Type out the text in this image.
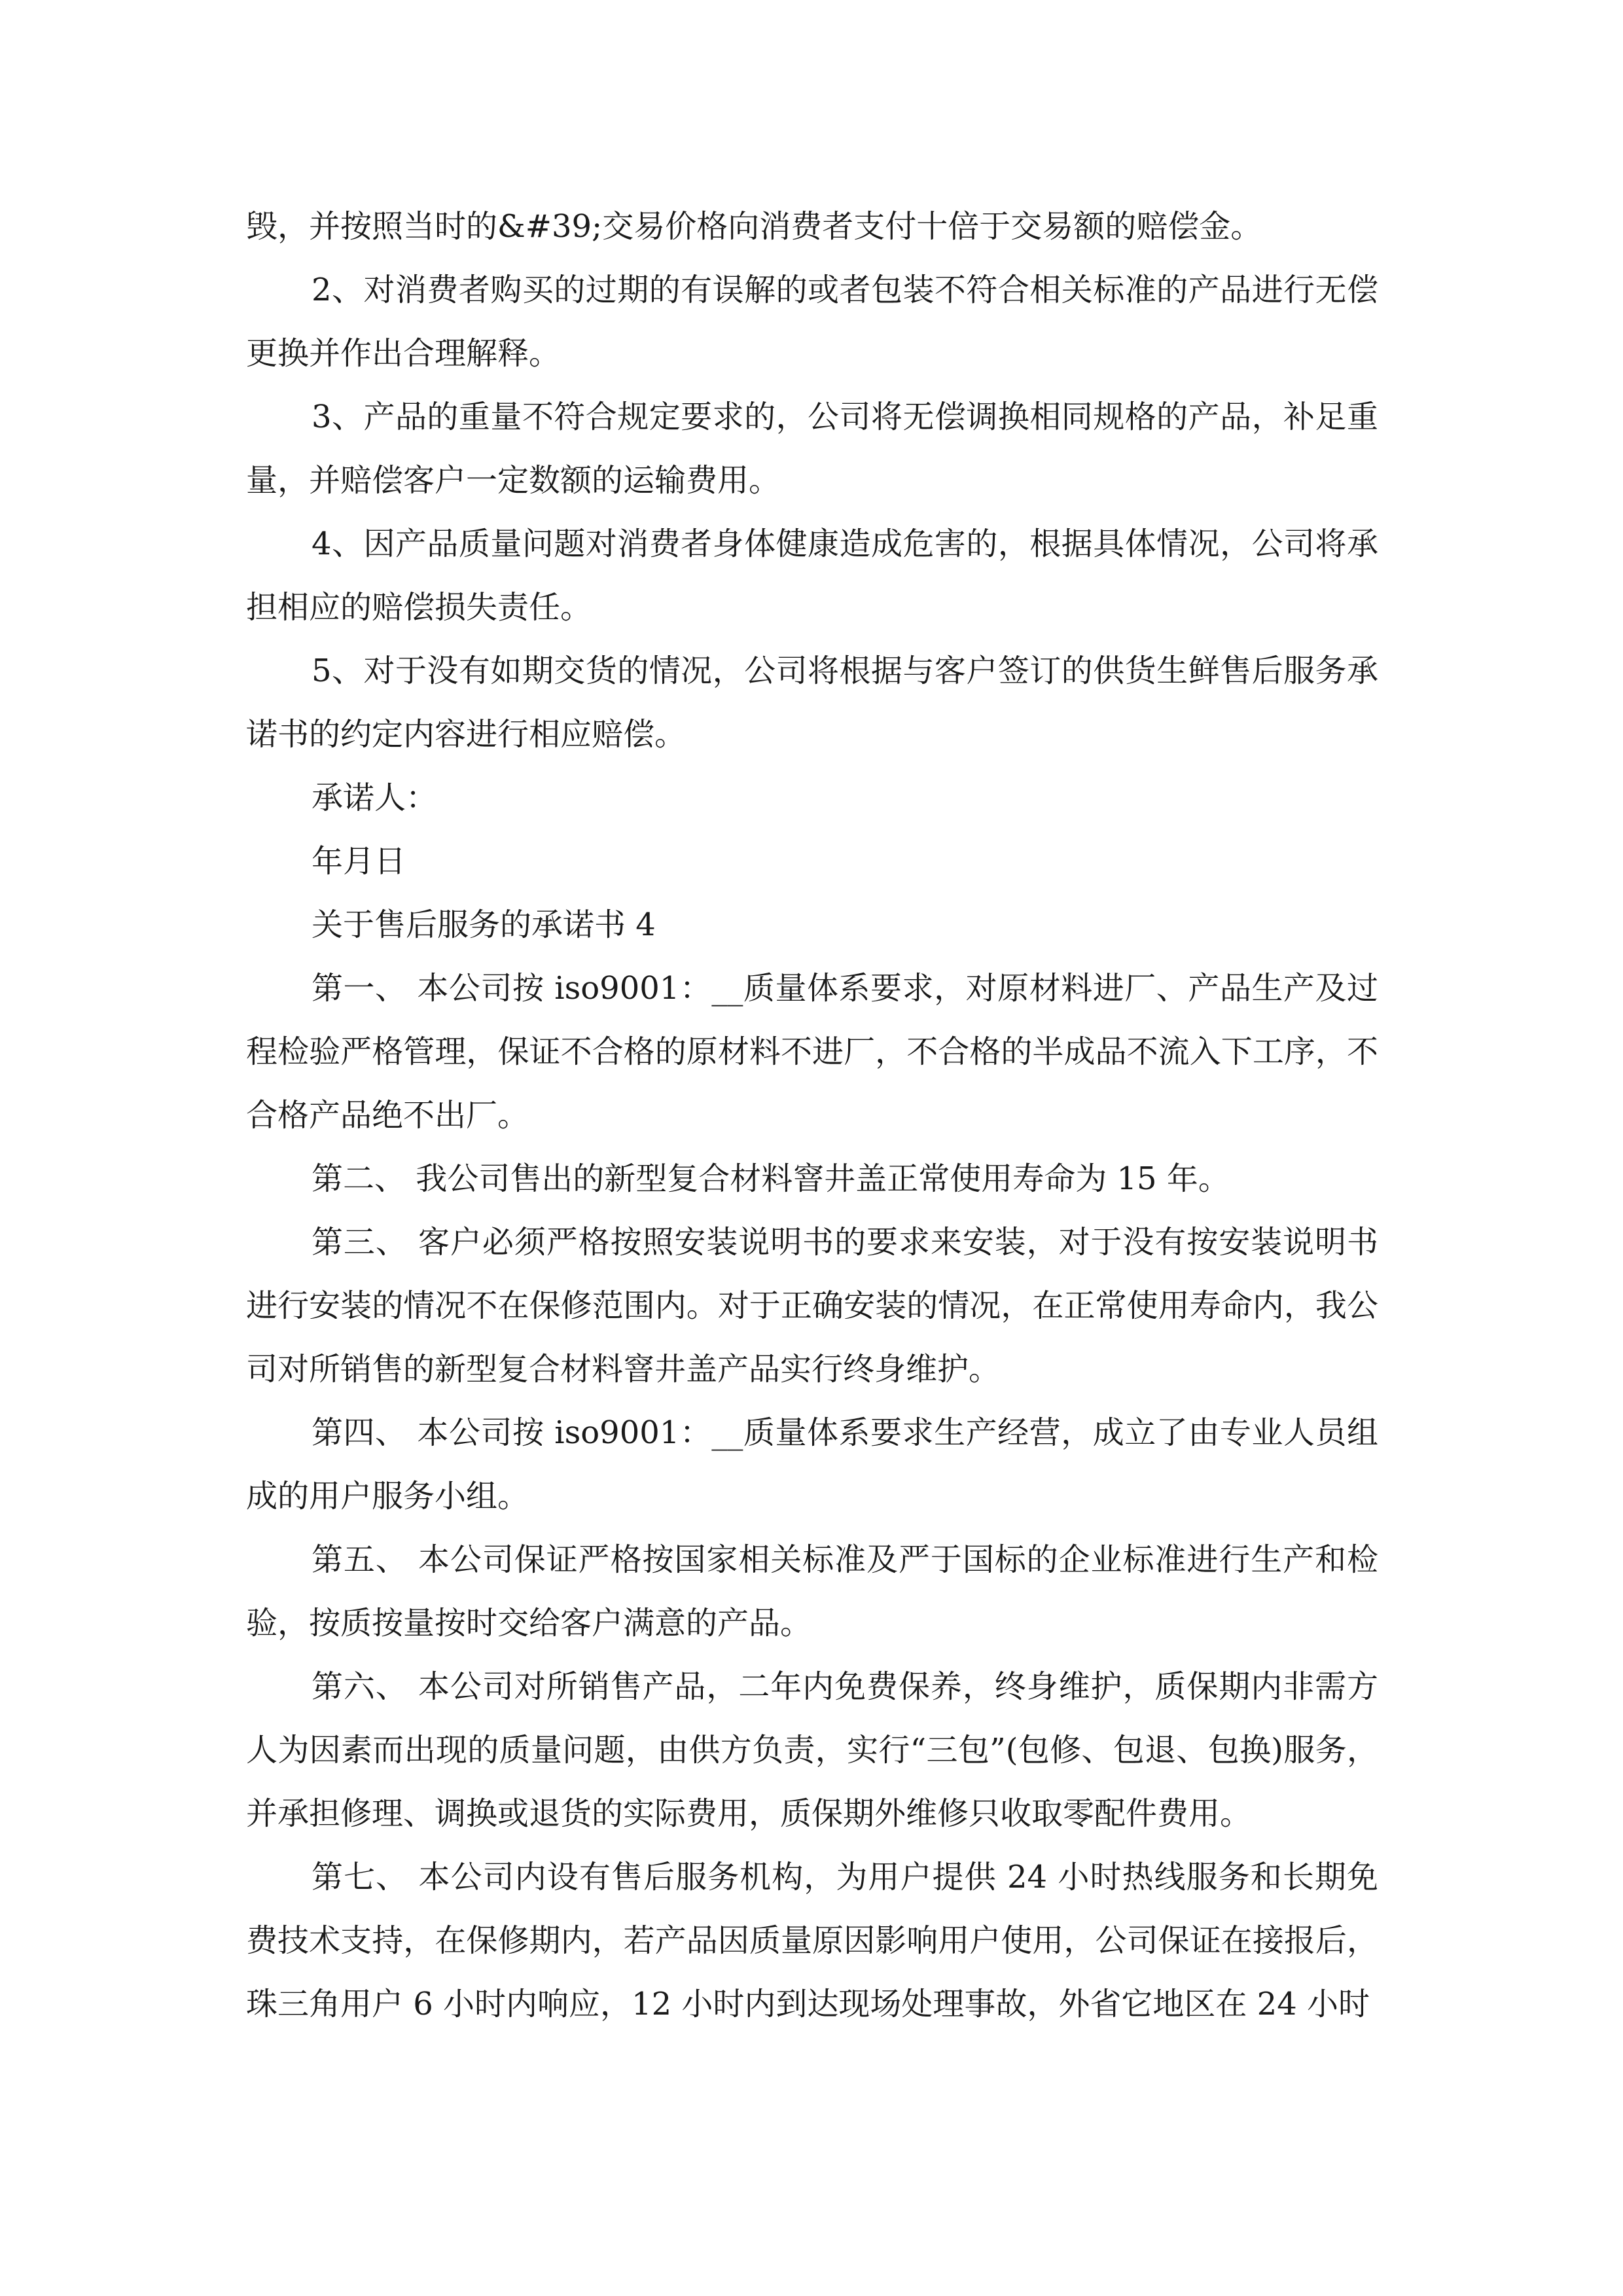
毁，并按照当时的&#39;交易价格向消费者支付十倍于交易额的赔偿金。

2、对消费者购买的过期的有误解的或者包装不符合相关标准的产品进行无偿更换并作出合理解释。

3、产品的重量不符合规定要求的，公司将无偿调换相同规格的产品，补足重量，并赔偿客户一定数额的运输费用。

4、因产品质量问题对消费者身体健康造成危害的，根据具体情况，公司将承担相应的赔偿损失责任。

5、对于没有如期交货的情况，公司将根据与客户签订的供货生鲜售后服务承诺书的约定内容进行相应赔偿。

承诺人：

年月日

关于售后服务的承诺书 4

第一、 本公司按 iso9001：__质量体系要求，对原材料进厂、产品生产及过程检验严格管理，保证不合格的原材料不进厂，不合格的半成品不流入下工序，不合格产品绝不出厂。

第二、 我公司售出的新型复合材料窨井盖正常使用寿命为 15 年。

第三、 客户必须严格按照安装说明书的要求来安装，对于没有按安装说明书进行安装的情况不在保修范围内。对于正确安装的情况，在正常使用寿命内，我公司对所销售的新型复合材料窨井盖产品实行终身维护。

第四、 本公司按 iso9001：__质量体系要求生产经营，成立了由专业人员组成的用户服务小组。

第五、 本公司保证严格按国家相关标准及严于国标的企业标准进行生产和检验，按质按量按时交给客户满意的产品。

第六、 本公司对所销售产品，二年内免费保养，终身维护，质保期内非需方人为因素而出现的质量问题，由供方负责，实行“三包”(包修、包退、包换)服务，并承担修理、调换或退货的实际费用，质保期外维修只收取零配件费用。

第七、 本公司内设有售后服务机构，为用户提供 24 小时热线服务和长期免费技术支持，在保修期内，若产品因质量原因影响用户使用，公司保证在接报后，珠三角用户 6 小时内响应，12 小时内到达现场处理事故，外省它地区在 24 小时
